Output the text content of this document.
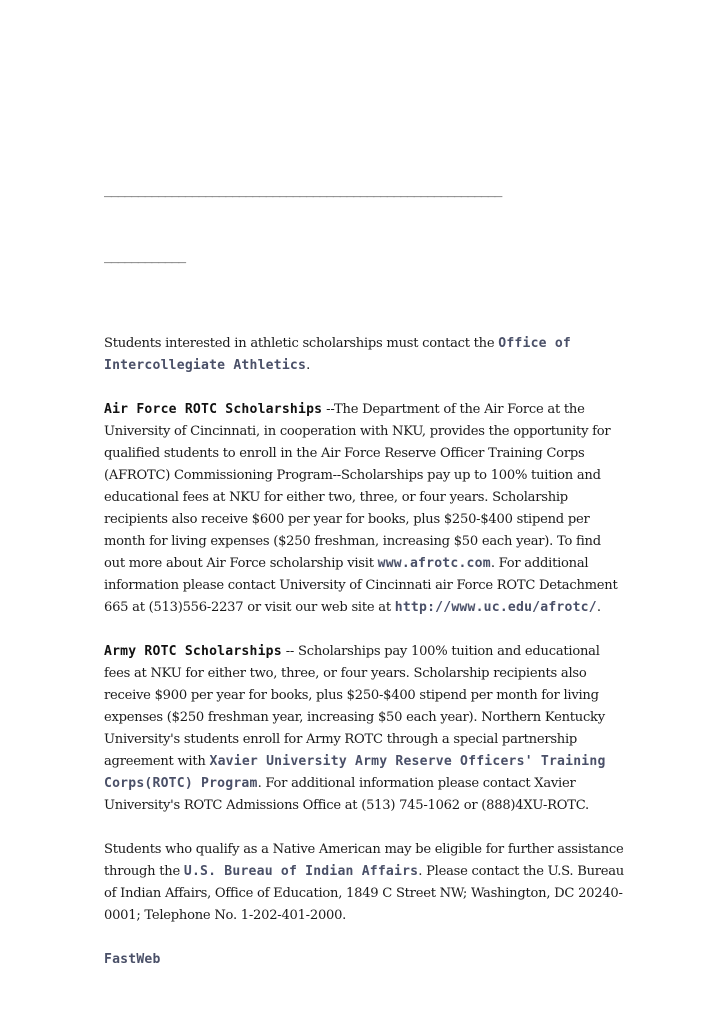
___________________________________________________________

____________

Students interested in athletic scholarships must contact the Office of Intercollegiate Athletics.

Air Force ROTC Scholarships --The Department of the Air Force at the University of Cincinnati, in cooperation with NKU, provides the opportunity for qualified students to enroll in the Air Force Reserve Officer Training Corps (AFROTC) Commissioning Program--Scholarships pay up to 100% tuition and educational fees at NKU for either two, three, or four years. Scholarship recipients also receive $600 per year for books, plus $250-$400 stipend per month for living expenses ($250 freshman, increasing $50 each year). To find out more about Air Force scholarship visit www.afrotc.com. For additional information please contact University of Cincinnati air Force ROTC Detachment 665 at (513)556-2237 or visit our web site at http://www.uc.edu/afrotc/.

Army ROTC Scholarships -- Scholarships pay 100% tuition and educational fees at NKU for either two, three, or four years. Scholarship recipients also receive $900 per year for books, plus $250-$400 stipend per month for living expenses ($250 freshman year, increasing $50 each year). Northern Kentucky University's students enroll for Army ROTC through a special partnership agreement with Xavier University Army Reserve Officers' Training Corps(ROTC) Program. For additional information please contact Xavier University's ROTC Admissions Office at (513) 745-1062 or (888)4XU-ROTC.

Students who qualify as a Native American may be eligible for further assistance through the U.S. Bureau of Indian Affairs. Please contact the U.S. Bureau of Indian Affairs, Office of Education, 1849 C Street NW; Washington, DC 20240-0001; Telephone No. 1-202-401-2000.

FastWeb
